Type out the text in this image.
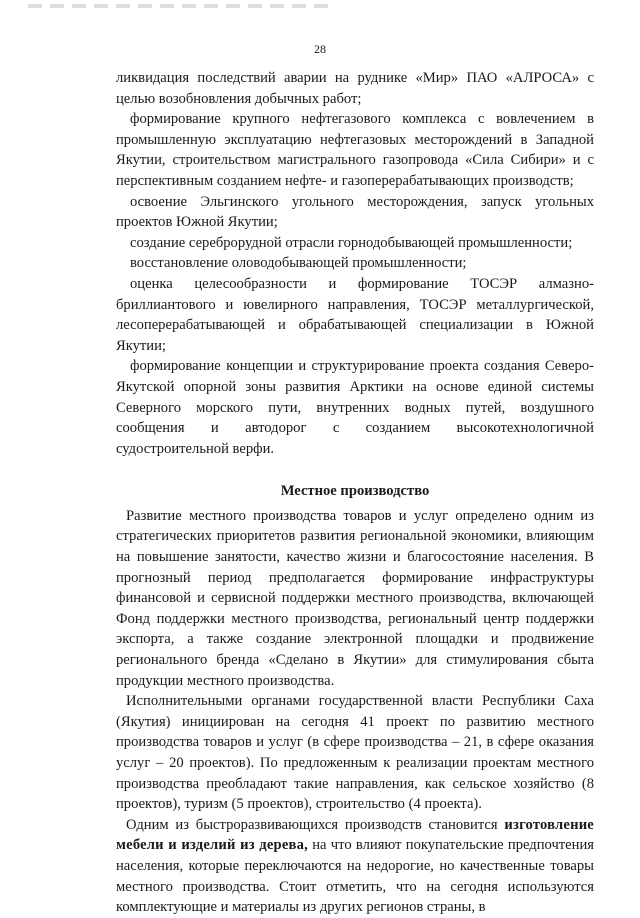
28

ликвидация последствий аварии на руднике «Мир» ПАО «АЛРОСА» с целью возобновления добычных работ;

формирование крупного нефтегазового комплекса с вовлечением в промышленную эксплуатацию нефтегазовых месторождений в Западной Якутии, строительством магистрального газопровода «Сила Сибири» и с перспективным созданием нефте- и газоперерабатывающих производств;

освоение Эльгинского угольного месторождения, запуск угольных проектов Южной Якутии;

создание сереброрудной отрасли горнодобывающей промышленности;

восстановление оловодобывающей промышленности;

оценка целесообразности и формирование ТОСЭР алмазно-бриллиантового и ювелирного направления, ТОСЭР металлургической, лесоперерабатывающей и обрабатывающей специализации в Южной Якутии;

формирование концепции и структурирование проекта создания Северо-Якутской опорной зоны развития Арктики на основе единой системы Северного морского пути, внутренних водных путей, воздушного сообщения и автодорог с созданием высокотехнологичной судостроительной верфи.

Местное производство

Развитие местного производства товаров и услуг определено одним из стратегических приоритетов развития региональной экономики, влияющим на повышение занятости, качество жизни и благосостояние населения. В прогнозный период предполагается формирование инфраструктуры финансовой и сервисной поддержки местного производства, включающей Фонд поддержки местного производства, региональный центр поддержки экспорта, а также создание электронной площадки и продвижение регионального бренда «Сделано в Якутии» для стимулирования сбыта продукции местного производства.

Исполнительными органами государственной власти Республики Саха (Якутия) инициирован на сегодня 41 проект по развитию местного производства товаров и услуг (в сфере производства – 21, в сфере оказания услуг – 20 проектов). По предложенным к реализации проектам местного производства преобладают такие направления, как сельское хозяйство (8 проектов), туризм (5 проектов), строительство (4 проекта).

Одним из быстроразвивающихся производств становится изготовление мебели и изделий из дерева, на что влияют покупательские предпочтения населения, которые переключаются на недорогие, но качественные товары местного производства. Стоит отметить, что на сегодня используются комплектующие и материалы из других регионов страны, в
